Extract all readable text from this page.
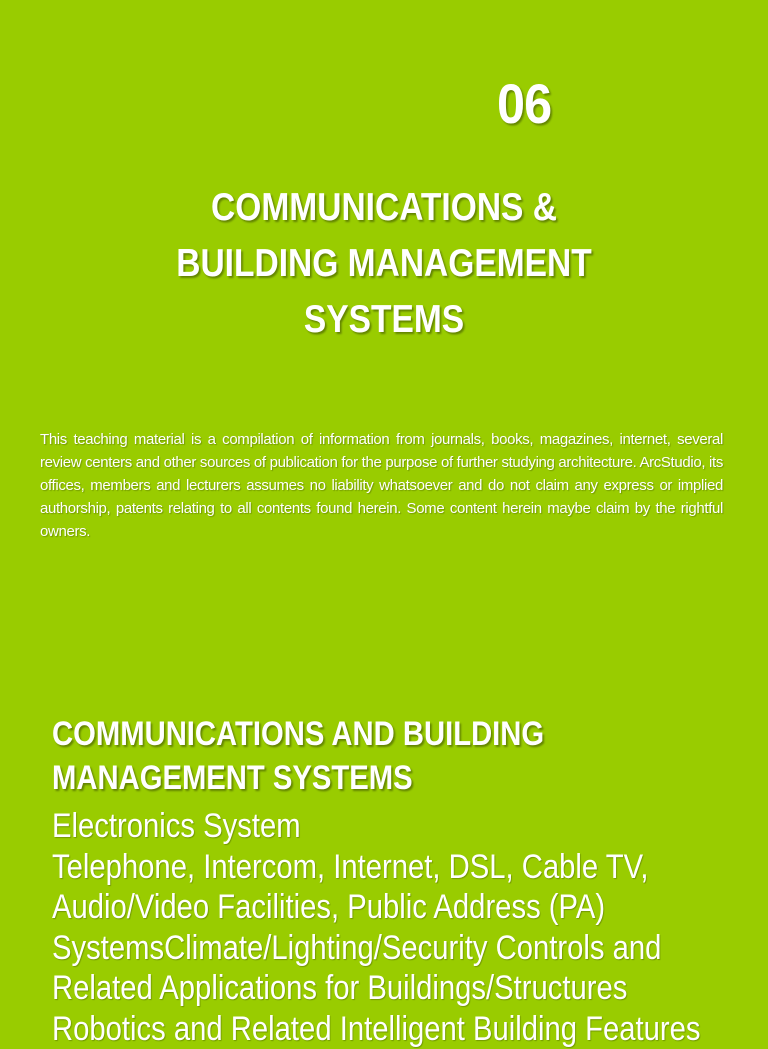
06
COMMUNICATIONS &
BUILDING MANAGEMENT
SYSTEMS

This teaching material is a compilation of information from journals, books, magazines, internet, several review centers and other sources of publication for the purpose of further studying architecture. ArcStudio, its offices, members and lecturers assumes no liability whatsoever and do not claim any express or implied authorship, patents relating to all contents found herein. Some content herein maybe claim by the rightful owners.

COMMUNICATIONS AND BUILDING
MANAGEMENT SYSTEMS
Electronics System
Telephone, Intercom, Internet, DSL, Cable TV,
Audio/Video Facilities, Public Address (PA)
SystemsClimate/Lighting/Security Controls and
Related Applications for Buildings/Structures
Robotics and Related Intelligent Building Features
